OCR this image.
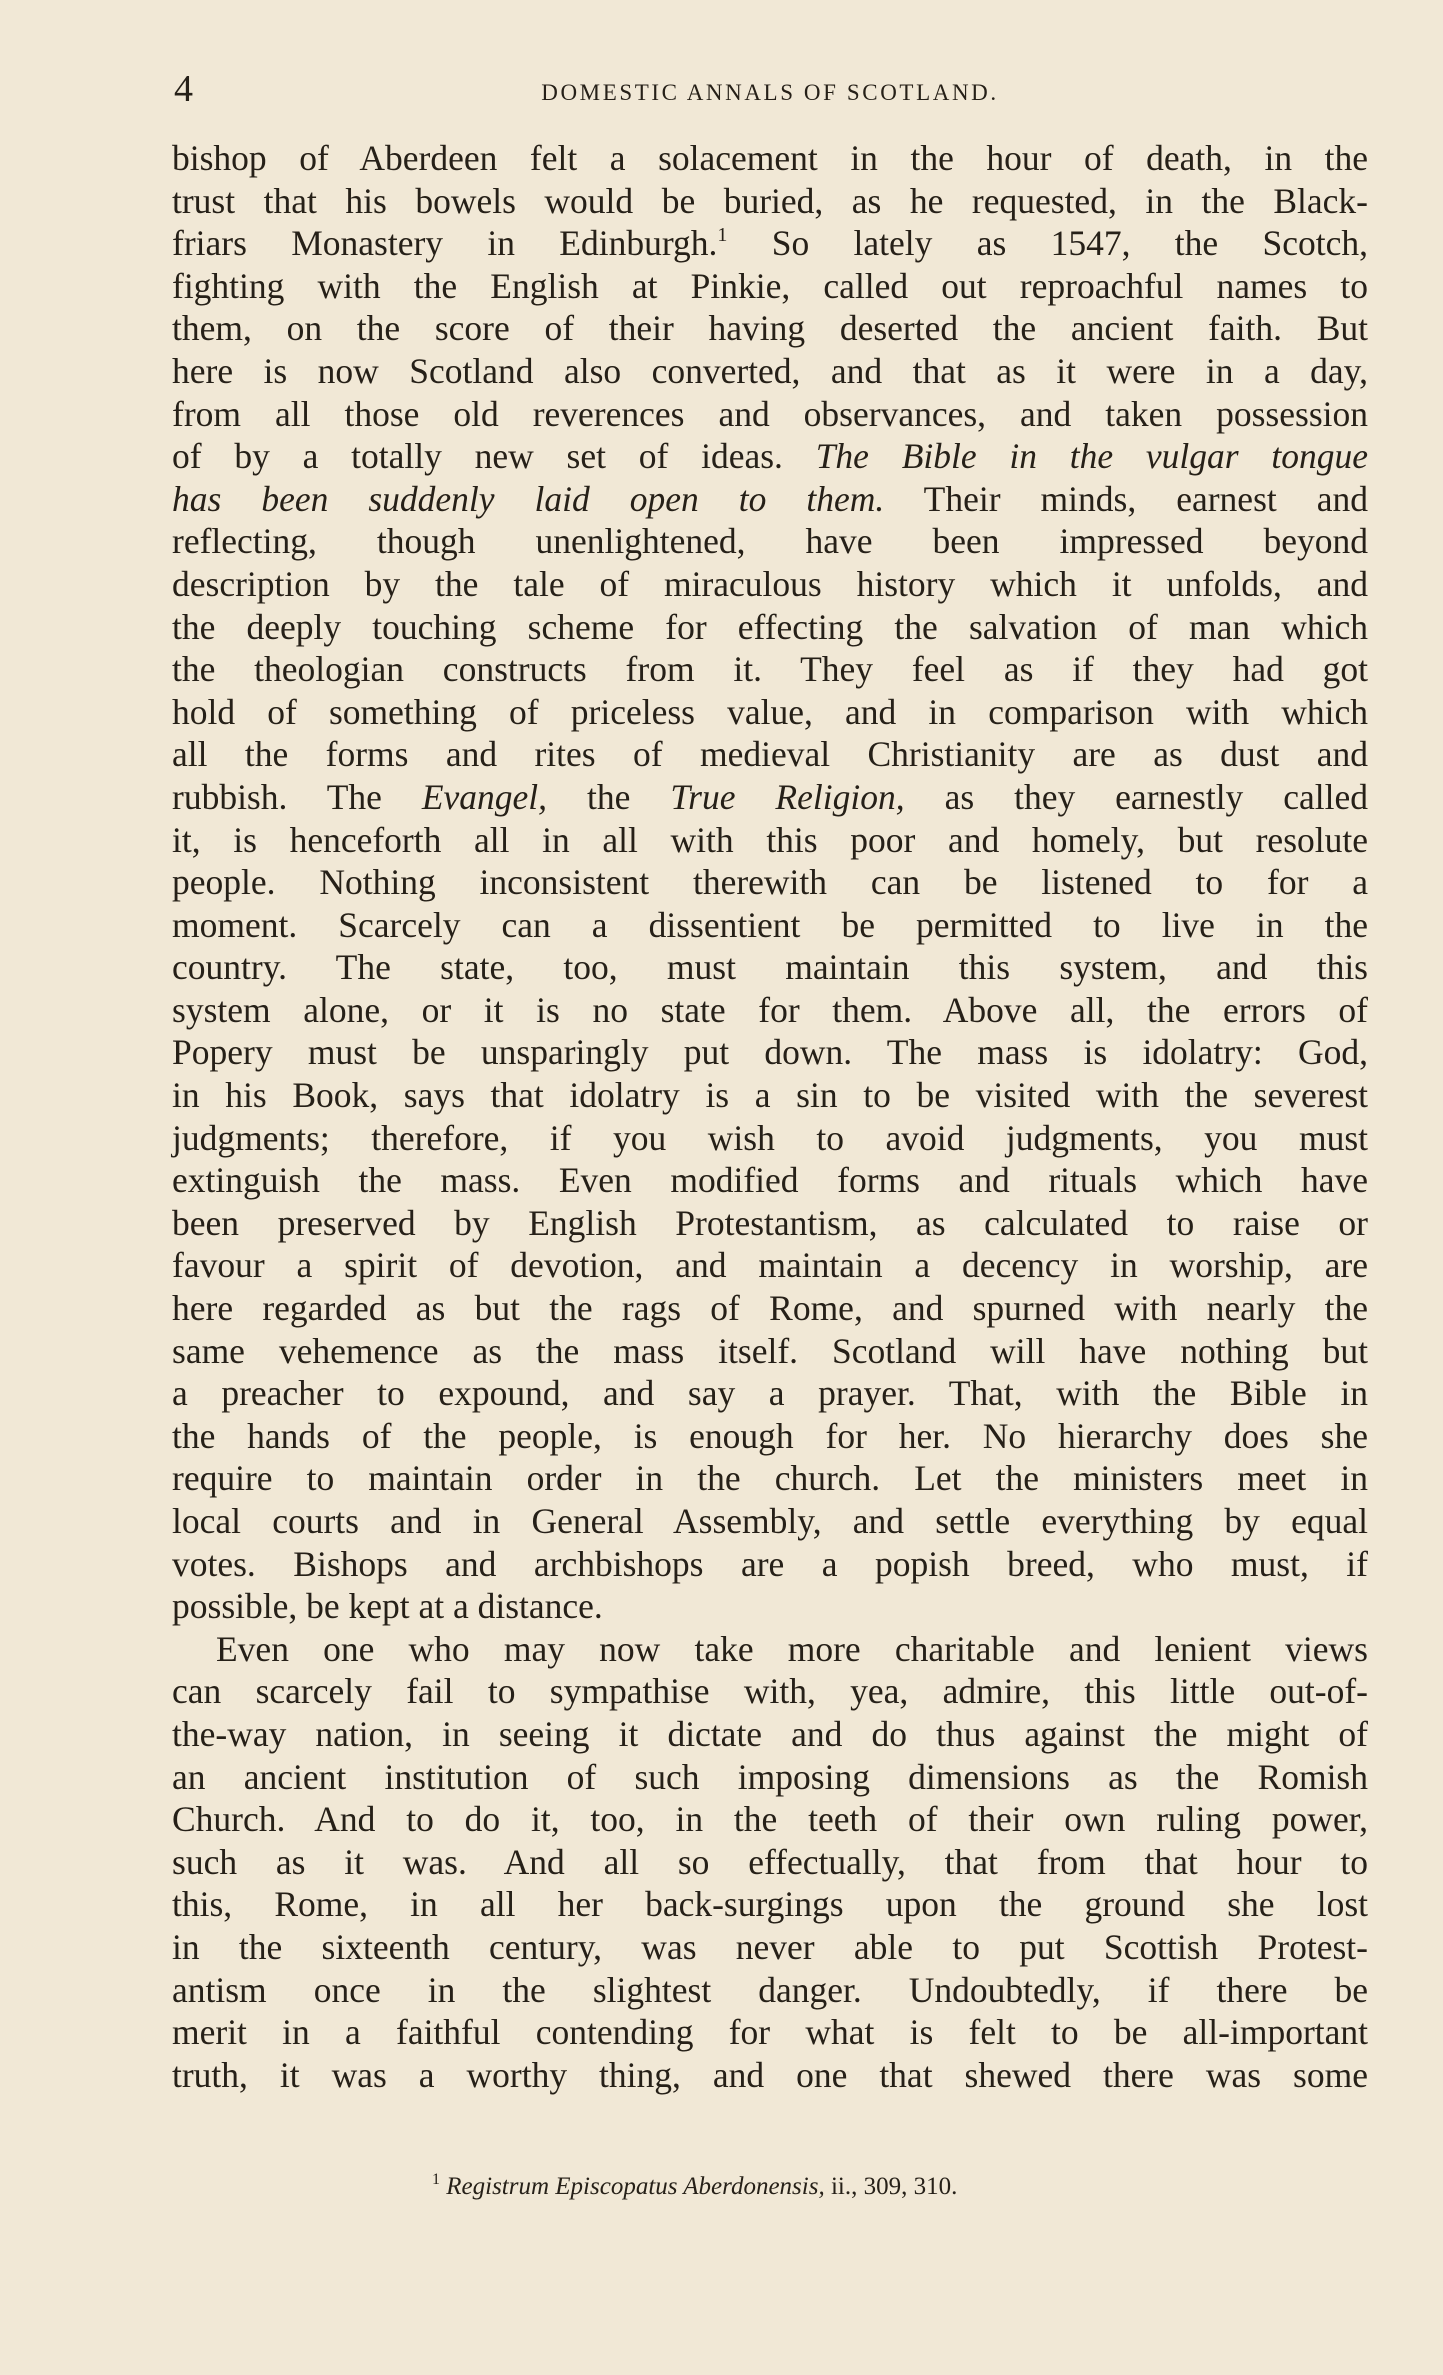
4	DOMESTIC ANNALS OF SCOTLAND.
bishop of Aberdeen felt a solacement in the hour of death, in the
trust that his bowels would be buried, as he requested, in the Black-
friars Monastery in Edinburgh.$^1$ So lately as 1547, the Scotch,
fighting with the English at Pinkie, called out reproachful names to
them, on the score of their having deserted the ancient faith. But
here is now Scotland also converted, and that as it were in a day,
from all those old reverences and observances, and taken possession
of by a totally new set of ideas. The Bible in the vulgar tongue
has been suddenly laid open to them. Their minds, earnest and
reflecting, though unenlightened, have been impressed beyond
description by the tale of miraculous history which it unfolds, and
the deeply touching scheme for effecting the salvation of man which
the theologian constructs from it. They feel as if they had got
hold of something of priceless value, and in comparison with which
all the forms and rites of medieval Christianity are as dust and
rubbish. The Evangel, the True Religion, as they earnestly called
it, is henceforth all in all with this poor and homely, but resolute
people. Nothing inconsistent therewith can be listened to for a
moment. Scarcely can a dissentient be permitted to live in the
country. The state, too, must maintain this system, and this
system alone, or it is no state for them. Above all, the errors of
Popery must be unsparingly put down. The mass is idolatry: God,
in his Book, says that idolatry is a sin to be visited with the severest
judgments; therefore, if you wish to avoid judgments, you must
extinguish the mass. Even modified forms and rituals which have
been preserved by English Protestantism, as calculated to raise or
favour a spirit of devotion, and maintain a decency in worship, are
here regarded as but the rags of Rome, and spurned with nearly the
same vehemence as the mass itself. Scotland will have nothing but
a preacher to expound, and say a prayer. That, with the Bible in
the hands of the people, is enough for her. No hierarchy does she
require to maintain order in the church. Let the ministers meet in
local courts and in General Assembly, and settle everything by equal
votes. Bishops and archbishops are a popish breed, who must, if
possible, be kept at a distance.
Even one who may now take more charitable and lenient views
can scarcely fail to sympathise with, yea, admire, this little out-of-
the-way nation, in seeing it dictate and do thus against the might of
an ancient institution of such imposing dimensions as the Romish
Church. And to do it, too, in the teeth of their own ruling power,
such as it was. And all so effectually, that from that hour to
this, Rome, in all her back-surgings upon the ground she lost
in the sixteenth century, was never able to put Scottish Protest-
antism once in the slightest danger. Undoubtedly, if there be
merit in a faithful contending for what is felt to be all-important
truth, it was a worthy thing, and one that shewed there was some
$^1$ Registrum Episcopatus Aberdonensis, ii., 309, 310.
